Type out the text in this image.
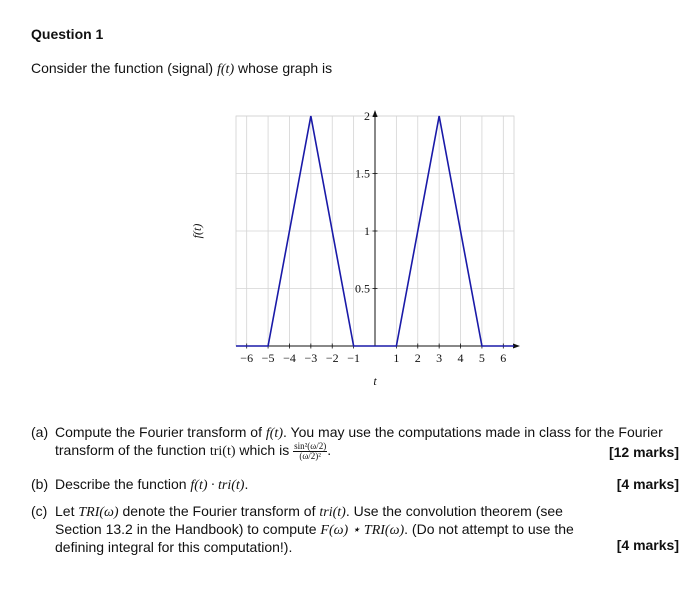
Question 1
Consider the function (signal) f(t) whose graph is
−6 −5 −4 −3 −2 −1	1 2 3 4 5 6
0.5
1
1.5
2
t
f(t)
(a) Compute the Fourier transform of f(t). You may use the computations made in class for the Fourier transform of the function tri(t) which is $\frac{\text{sin²(ω/2)}}{\text{(ω/2)²}}$ .	[12 marks]
(b) Describe the function f(t) · tri(t).	[4 marks]
(c) Let TRI(ω) denote the Fourier transform of tri(t). Use the convolution theorem (see Section 13.2 in the Handbook) to compute F(ω) ⋆ TRI(ω). (Do not attempt to use the defining integral for this computation!).	[4 marks]
